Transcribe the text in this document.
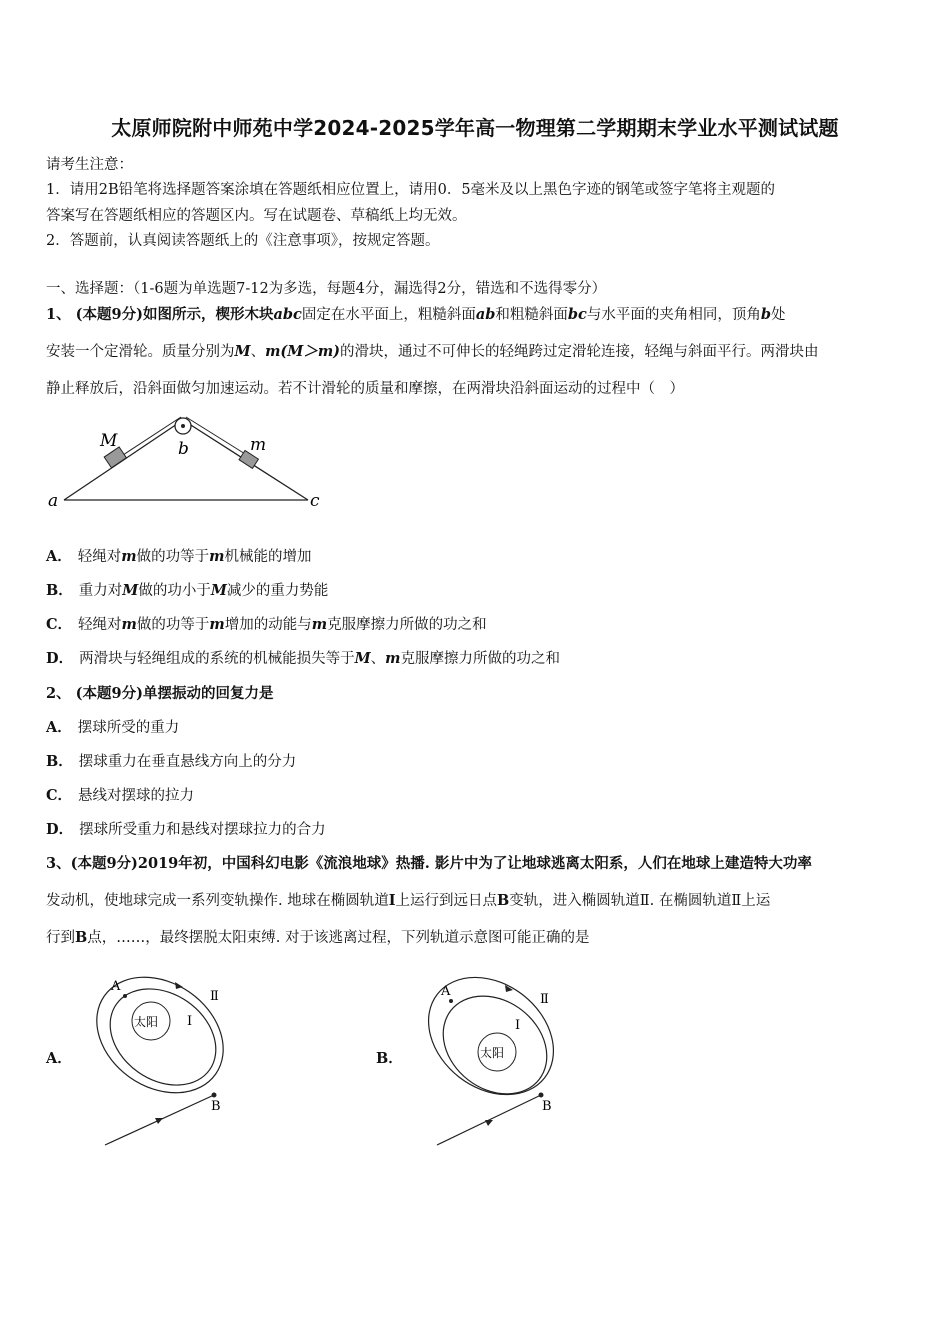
太原师院附中师苑中学2024-2025学年高一物理第二学期期末学业水平测试试题
请考生注意：
1．请用2B铅笔将选择题答案涂填在答题纸相应位置上，请用0．5毫米及以上黑色字迹的钢笔或签字笔将主观题的
答案写在答题纸相应的答题区内。写在试题卷、草稿纸上均无效。
2．答题前，认真阅读答题纸上的《注意事项》，按规定答题。
一、选择题：（1-6题为单选题7-12为多选，每题4分，漏选得2分，错选和不选得零分）
1、 (本题9分)如图所示，楔形木块abc固定在水平面上，粗糙斜面ab和粗糙斜面bc与水平面的夹角相同，顶角b处
安装一个定滑轮。质量分别为M、m(M＞m)的滑块，通过不可伸长的轻绳跨过定滑轮连接，轻绳与斜面平行。两滑块由
静止释放后，沿斜面做匀加速运动。若不计滑轮的质量和摩擦，在两滑块沿斜面运动的过程中（　）
M	m
b
a	c
A． 轻绳对m做的功等于m机械能的增加
B． 重力对M做的功小于M减少的重力势能
C． 轻绳对m做的功等于m增加的动能与m克服摩擦力所做的功之和
D． 两滑块与轻绳组成的系统的机械能损失等于M、m克服摩擦力所做的功之和
2、 (本题9分)单摆振动的回复力是
A． 摆球所受的重力
B． 摆球重力在垂直悬线方向上的分力
C． 悬线对摆球的拉力
D． 摆球所受重力和悬线对摆球拉力的合力
3、(本题9分)2019年初，中国科幻电影《流浪地球》热播. 影片中为了让地球逃离太阳系，人们在地球上建造特大功率
发动机，使地球完成一系列变轨操作. 地球在椭圆轨道I上运行到远日点B变轨，进入椭圆轨道Ⅱ. 在椭圆轨道Ⅱ上运
行到B点，……，最终摆脱太阳束缚. 对于该逃离过程，下列轨道示意图可能正确的是
A．
太阳
A
B
I
Ⅱ
B．	太阳
A
B
I
Ⅱ
